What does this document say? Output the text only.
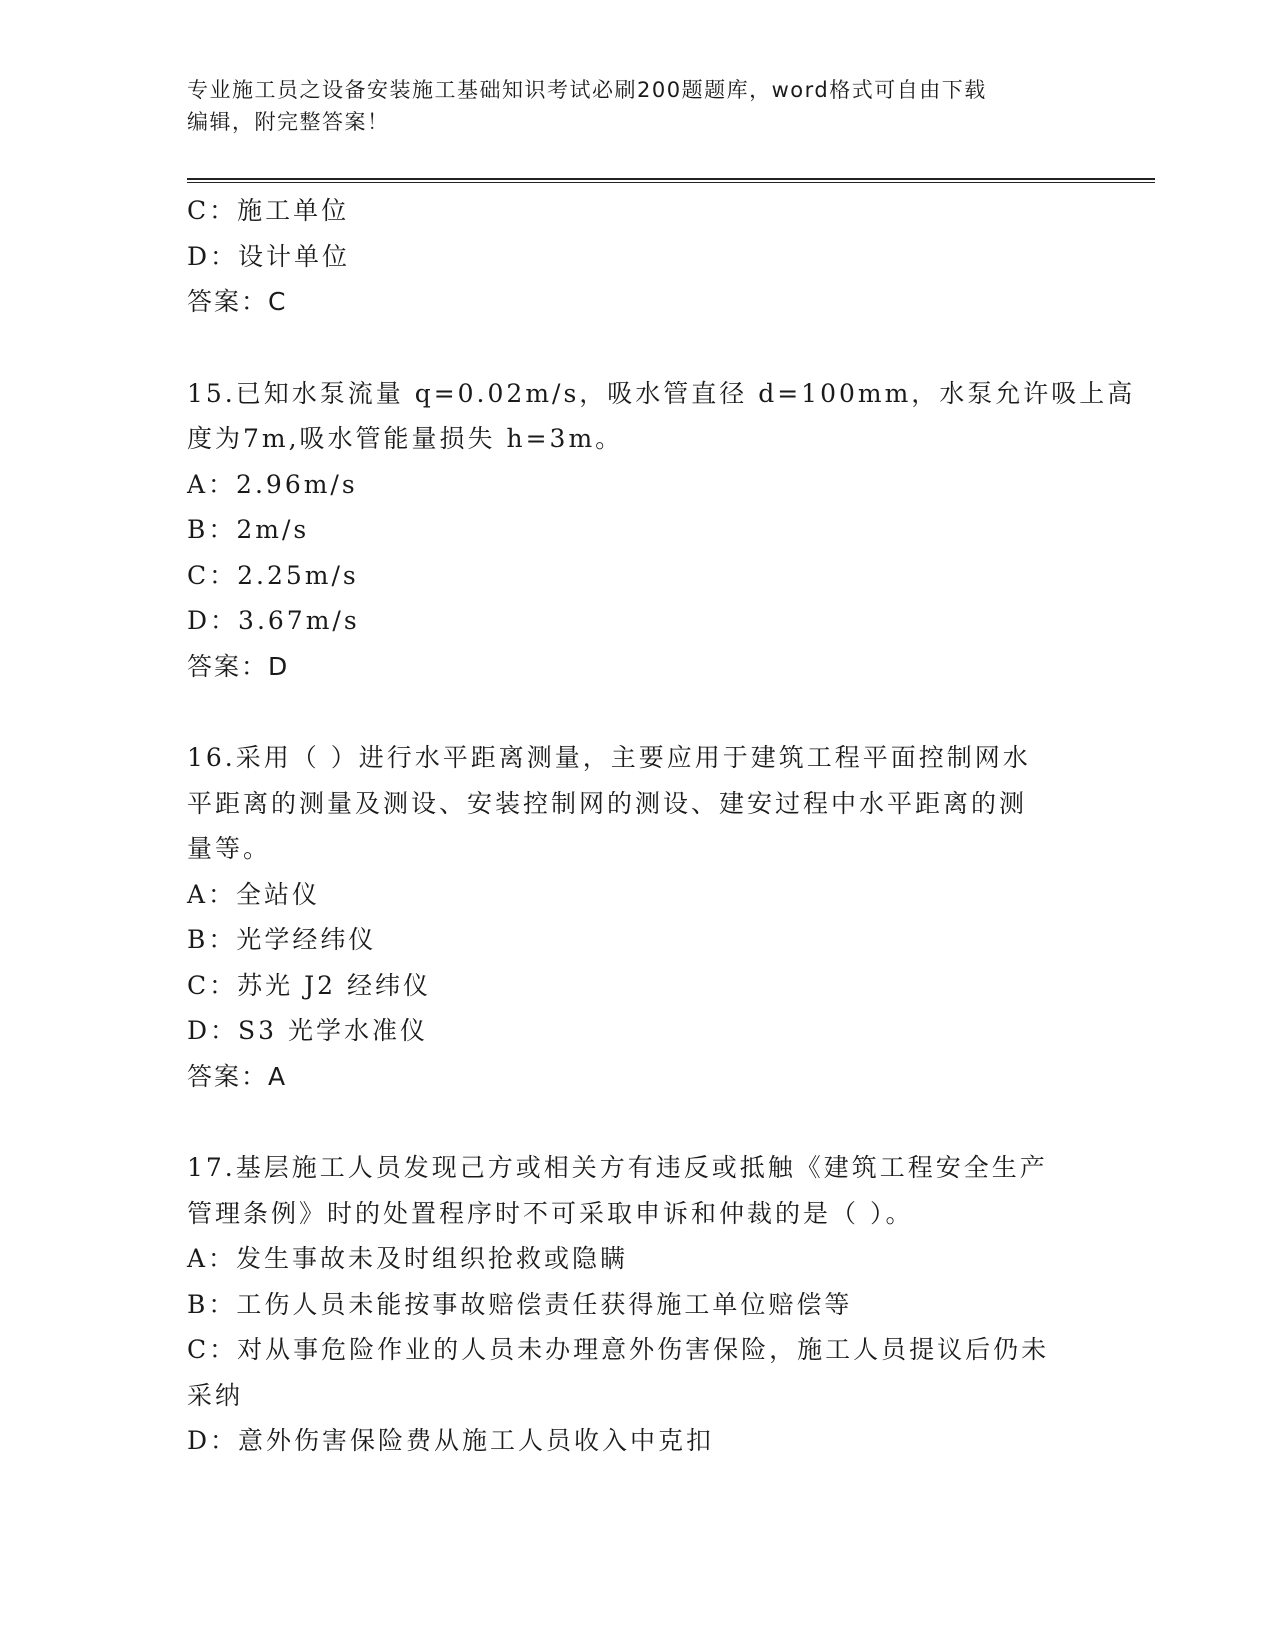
专业施工员之设备安装施工基础知识考试必刷200题题库，word格式可自由下载
编辑，附完整答案！
C：施工单位
D：设计单位
答案：C
15.已知水泵流量 q=0.02m/s，吸水管直径 d=100mm，水泵允许吸上高
度为7m,吸水管能量损失 h=3m。
A：2.96m/s
B：2m/s
C：2.25m/s
D：3.67m/s
答案：D
16.采用（ ）进行水平距离测量，主要应用于建筑工程平面控制网水
平距离的测量及测设、安装控制网的测设、建安过程中水平距离的测
量等。
A：全站仪
B：光学经纬仪
C：苏光 J2 经纬仪
D：S3 光学水准仪
答案：A
17.基层施工人员发现己方或相关方有违反或抵触《建筑工程安全生产
管理条例》时的处置程序时不可采取申诉和仲裁的是（ ）。
A：发生事故未及时组织抢救或隐瞒
B：工伤人员未能按事故赔偿责任获得施工单位赔偿等
C：对从事危险作业的人员未办理意外伤害保险，施工人员提议后仍未
采纳
D：意外伤害保险费从施工人员收入中克扣
